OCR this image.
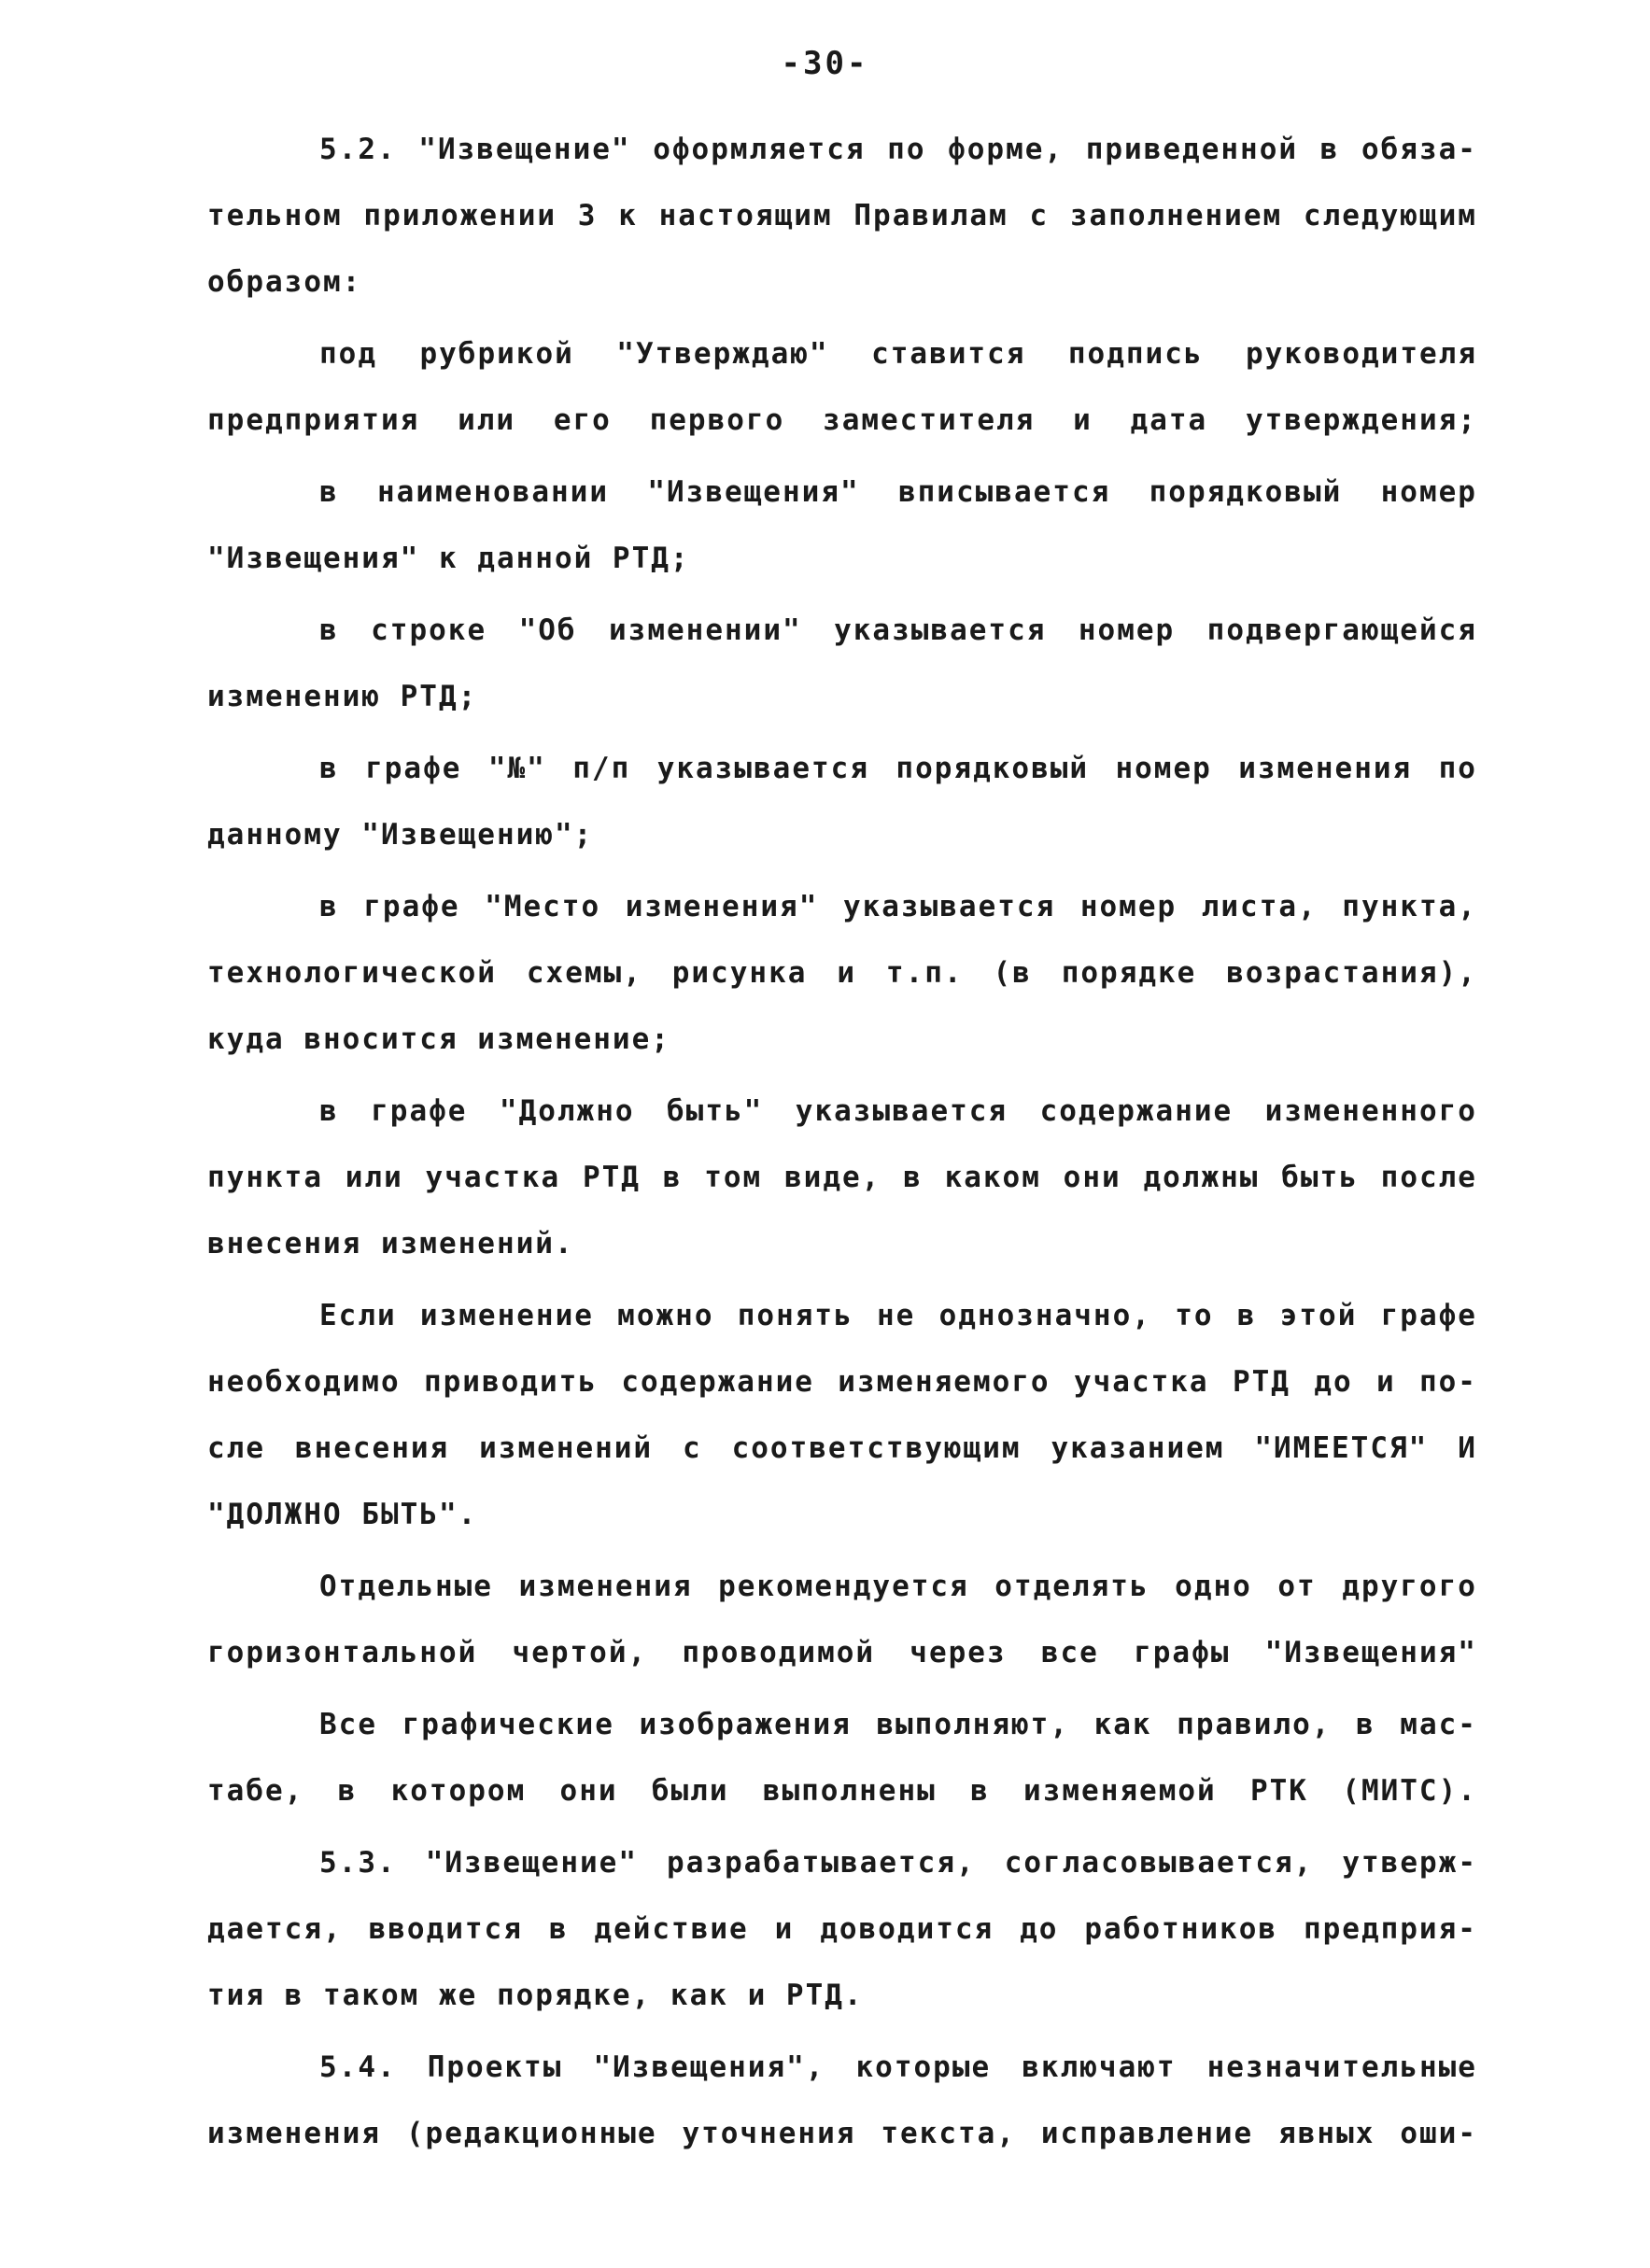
-30-
5.2. "Извещение" оформляется по форме, приведенной в обяза-
тельном приложении 3 к настоящим Правилам с заполнением следующим
образом:
под рубрикой "Утверждаю" ставится подпись руководителя
предприятия или его первого заместителя и дата утверждения;
в наименовании "Извещения" вписывается порядковый номер
"Извещения" к данной РТД;
в строке "Об изменении" указывается номер подвергающейся
изменению РТД;
в графе "№" п/п указывается порядковый номер изменения по
данному "Извещению";
в графе "Место изменения" указывается номер листа, пункта,
технологической схемы, рисунка и т.п. (в порядке возрастания),
куда вносится изменение;
в графе "Должно быть" указывается содержание измененного
пункта или участка РТД в том виде, в каком они должны быть после
внесения изменений.
Если изменение можно понять не однозначно, то в этой графе
необходимо приводить содержание изменяемого участка РТД до и по-
сле внесения изменений с соответствующим указанием "ИМЕЕТСЯ" И
"ДОЛЖНО БЫТЬ".
Отдельные изменения рекомендуется отделять одно от другого
горизонтальной чертой, проводимой через все графы "Извещения"
Все графические изображения выполняют, как правило, в мас-
табе, в котором они были выполнены в изменяемой РТК (МИТС).
5.3. "Извещение" разрабатывается, согласовывается, утверж-
дается, вводится в действие и доводится до работников предприя-
тия в таком же порядке, как и РТД.
5.4. Проекты "Извещения", которые включают незначительные
изменения (редакционные уточнения текста, исправление явных оши-
